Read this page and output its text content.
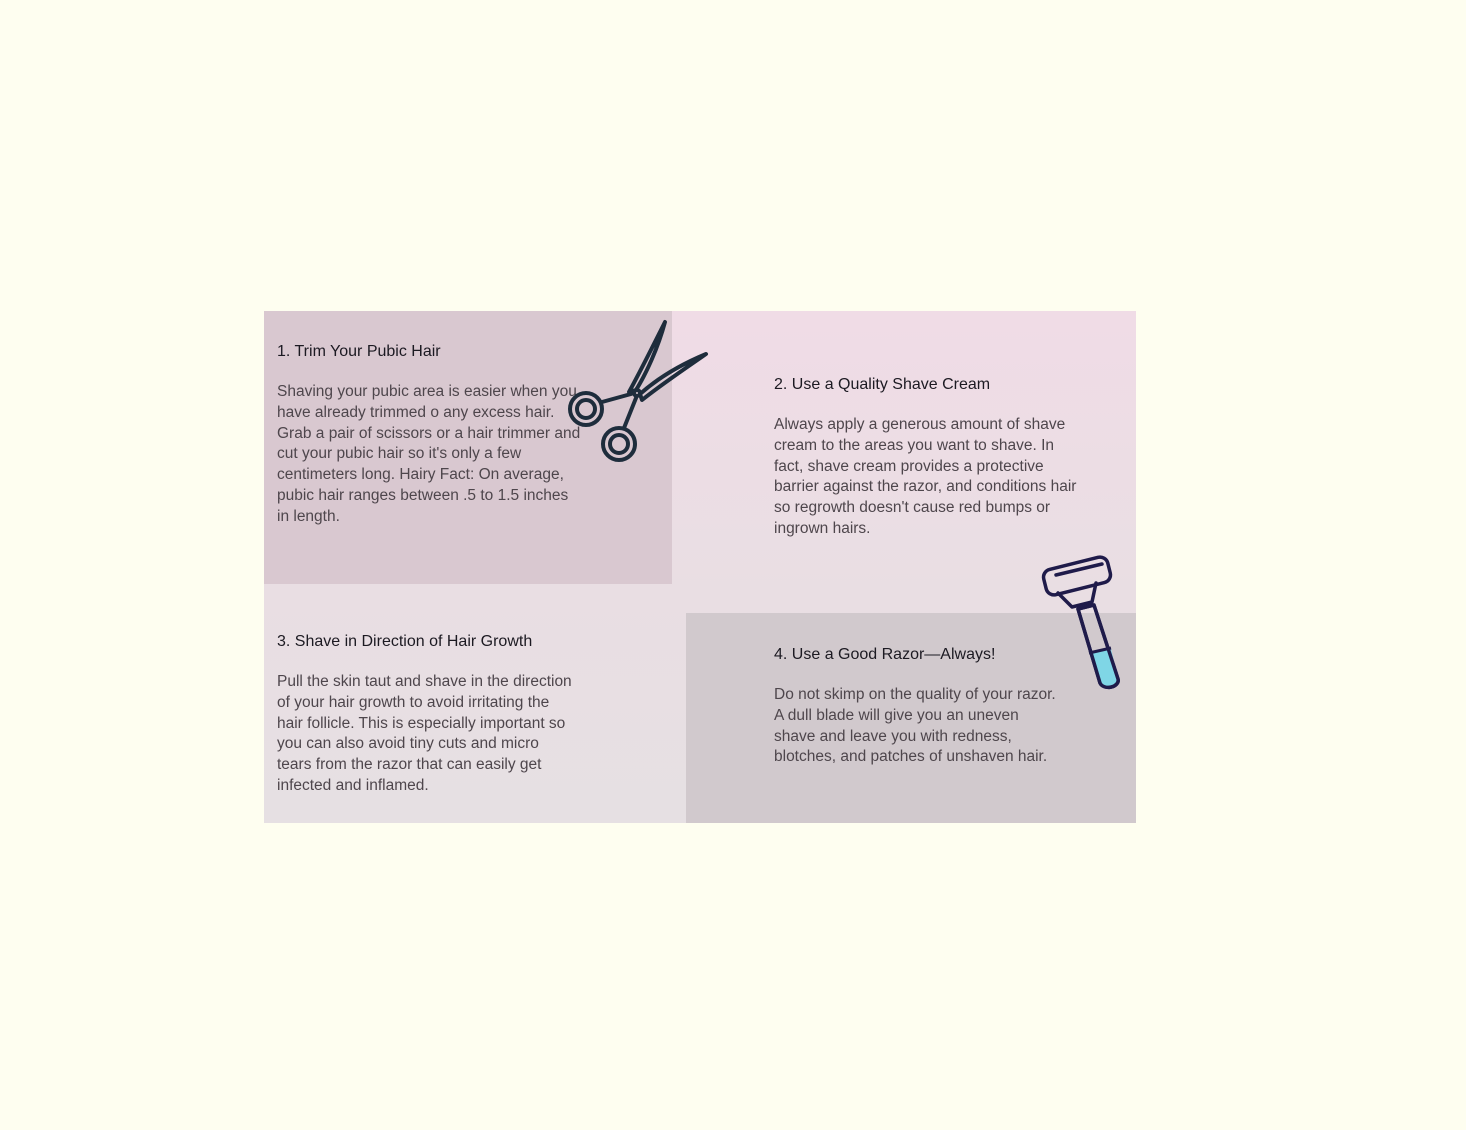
1. Trim Your Pubic Hair

Shaving your pubic area is easier when you have already trimmed o any excess hair. Grab a pair of scissors or a hair trimmer and cut your pubic hair so it's only a few centimeters long. Hairy Fact: On average, pubic hair ranges between .5 to 1.5 inches in length.

2. Use a Quality Shave Cream

Always apply a generous amount of shave cream to the areas you want to shave. In fact, shave cream provides a protective barrier against the razor, and conditions hair so regrowth doesn't cause red bumps or ingrown hairs.

3. Shave in Direction of Hair Growth

Pull the skin taut and shave in the direction of your hair growth to avoid irritating the hair follicle. This is especially important so you can also avoid tiny cuts and micro tears from the razor that can easily get infected and inflamed.

4. Use a Good Razor—Always!

Do not skimp on the quality of your razor. A dull blade will give you an uneven shave and leave you with redness, blotches, and patches of unshaven hair.
